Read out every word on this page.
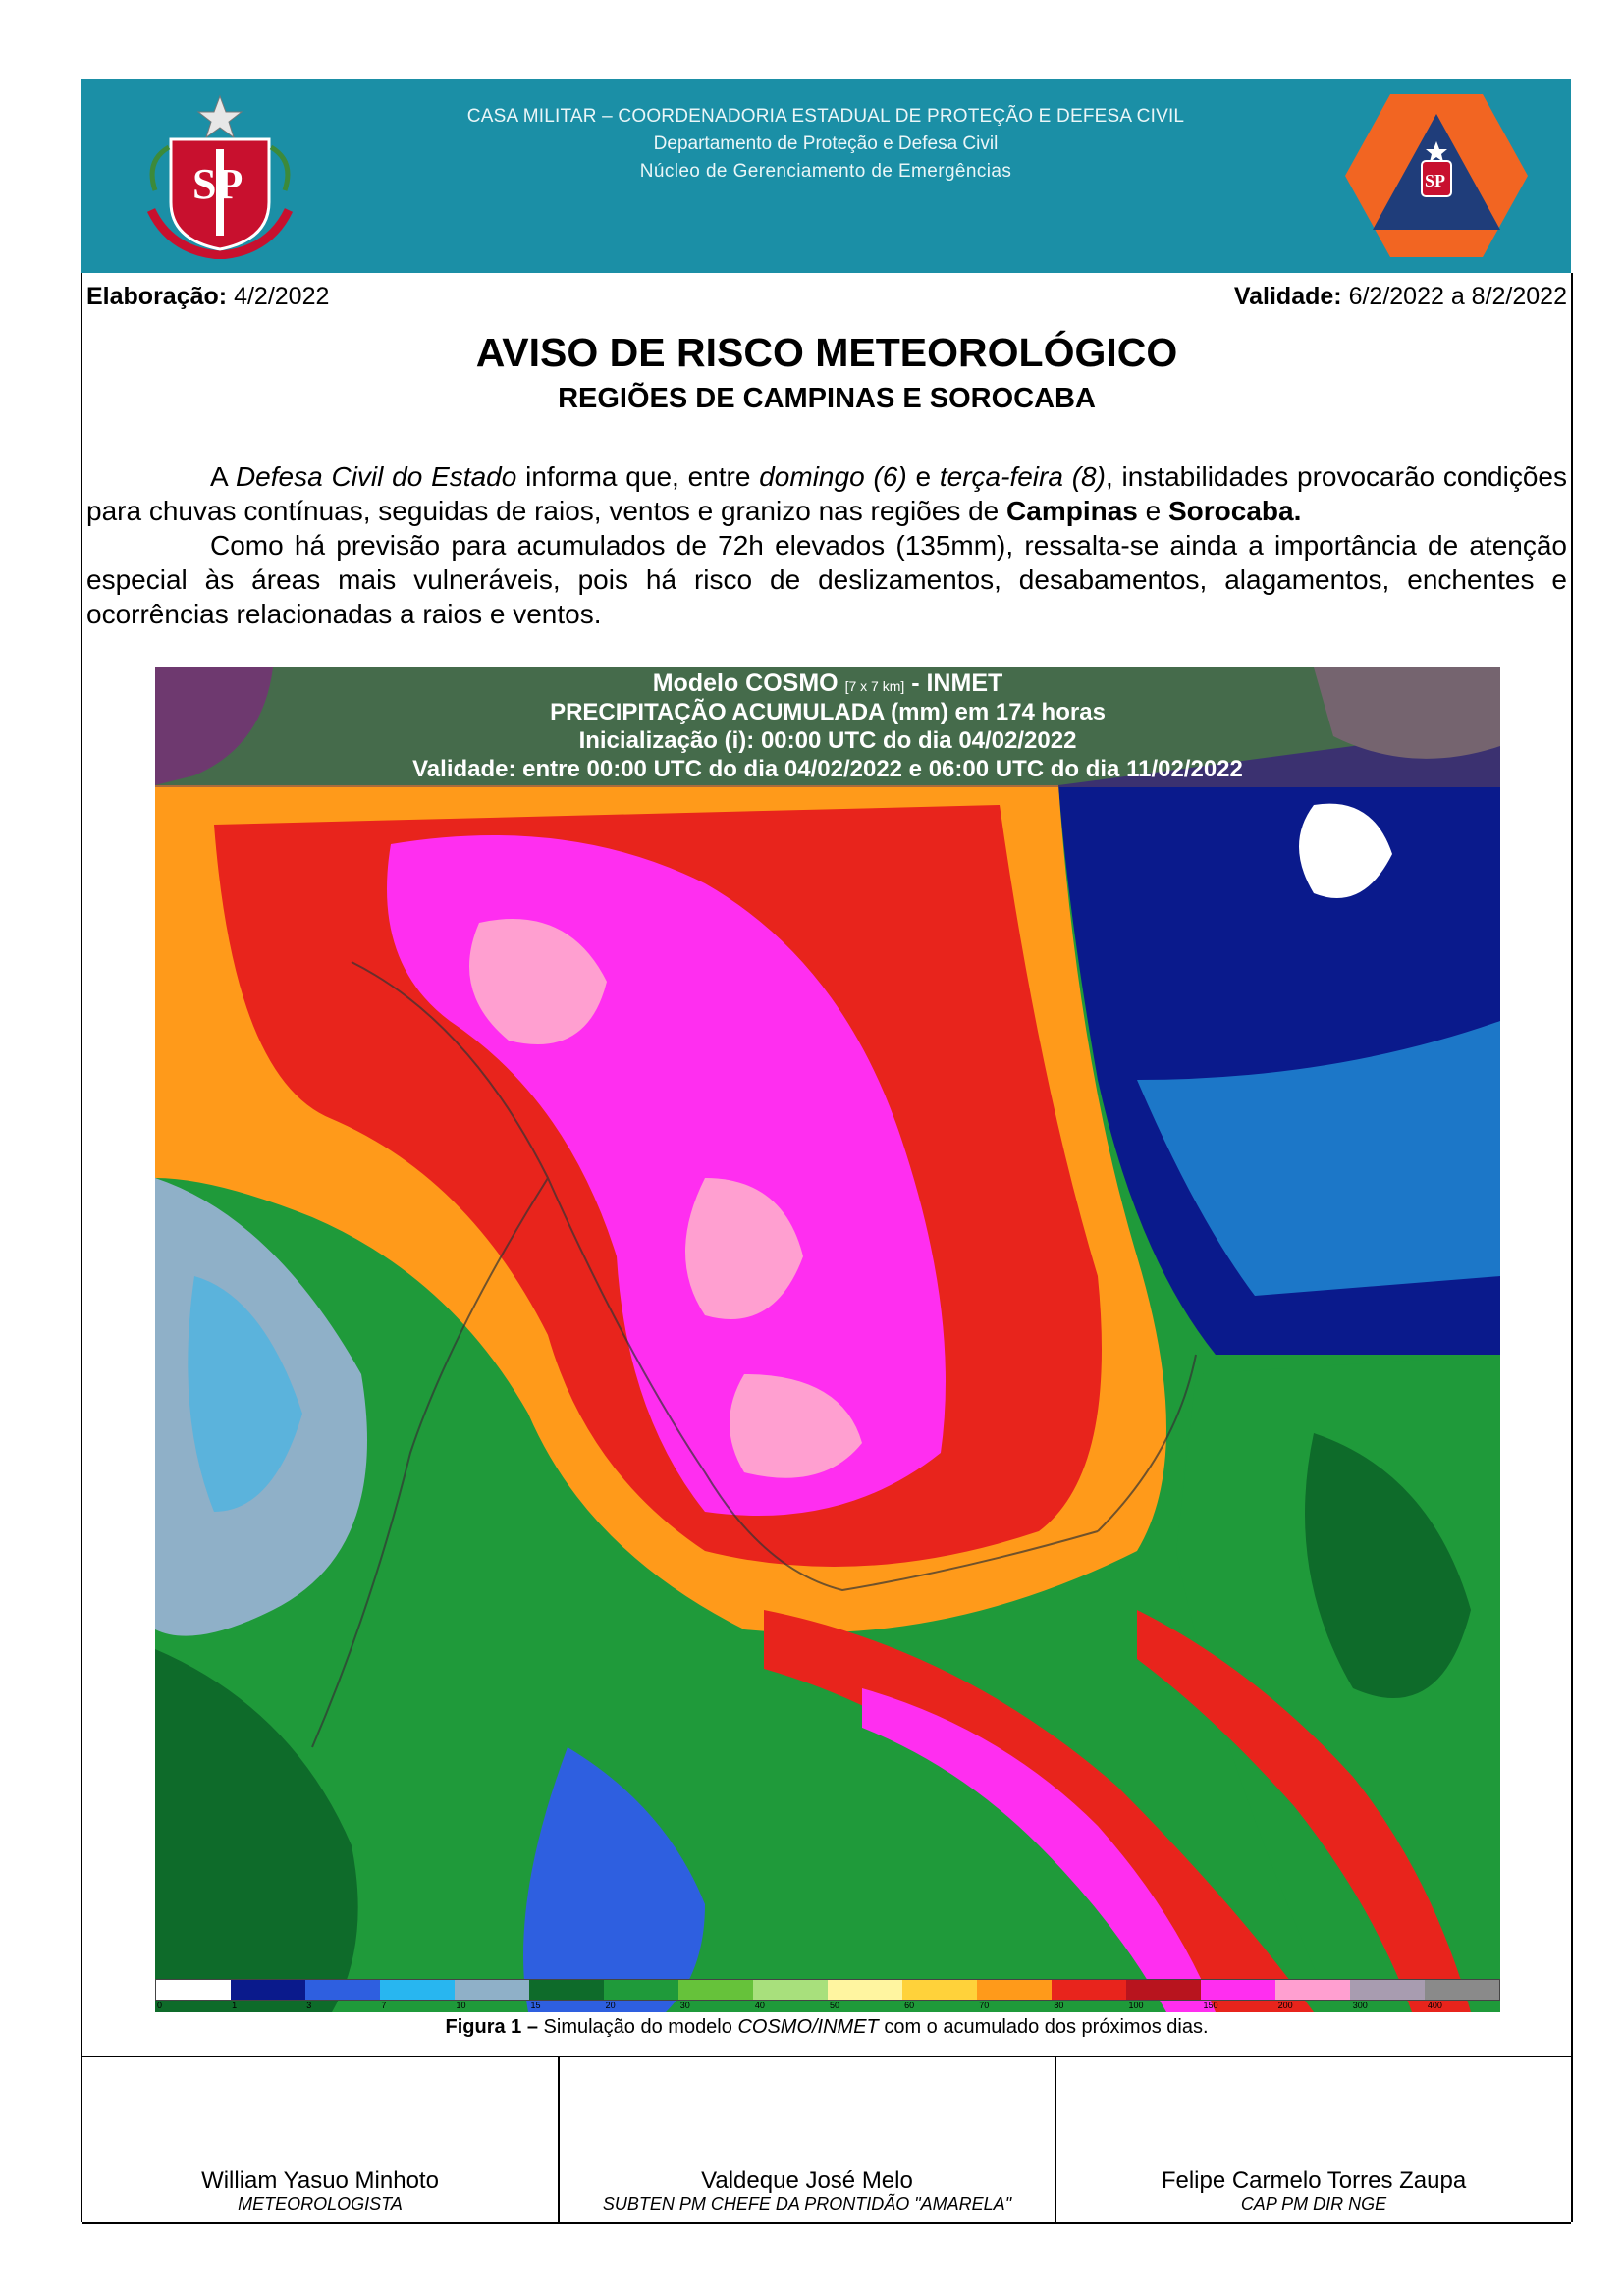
SP
CASA MILITAR – COORDENADORIA ESTADUAL DE PROTEÇÃO E DEFESA CIVIL
Departamento de Proteção e Defesa Civil
Núcleo de Gerenciamento de Emergências	SP
Elaboração: 4/2/2022	Validade: 6/2/2022 a 8/2/2022
AVISO DE RISCO METEOROLÓGICO
REGIÕES DE CAMPINAS E SOROCABA
A Defesa Civil do Estado informa que, entre domingo (6) e terça-feira (8), instabilidades provocarão condições para chuvas contínuas, seguidas de raios, ventos e granizo nas regiões de Campinas e Sorocaba.
Como há previsão para acumulados de 72h elevados (135mm), ressalta-se ainda a importância de atenção especial às áreas mais vulneráveis, pois há risco de deslizamentos, desabamentos, alagamentos, enchentes e ocorrências relacionadas a raios e ventos.
Modelo COSMO [7 x 7 km] - INMET
PRECIPITAÇÃO ACUMULADA (mm) em 174 horas
Inicialização (i): 00:00 UTC do dia 04/02/2022
Validade: entre 00:00 UTC do dia 04/02/2022 e 06:00 UTC do dia 11/02/2022
0	1	3	7	10	15	20	30	40	50	60	70	80	100	150	200	300	400
Figura 1 – Simulação do modelo COSMO/INMET com o acumulado dos próximos dias.
William Yasuo Minhoto
METEOROLOGISTA
Valdeque José Melo
SUBTEN PM CHEFE DA PRONTIDÃO "AMARELA"
Felipe Carmelo Torres Zaupa
CAP PM DIR NGE
